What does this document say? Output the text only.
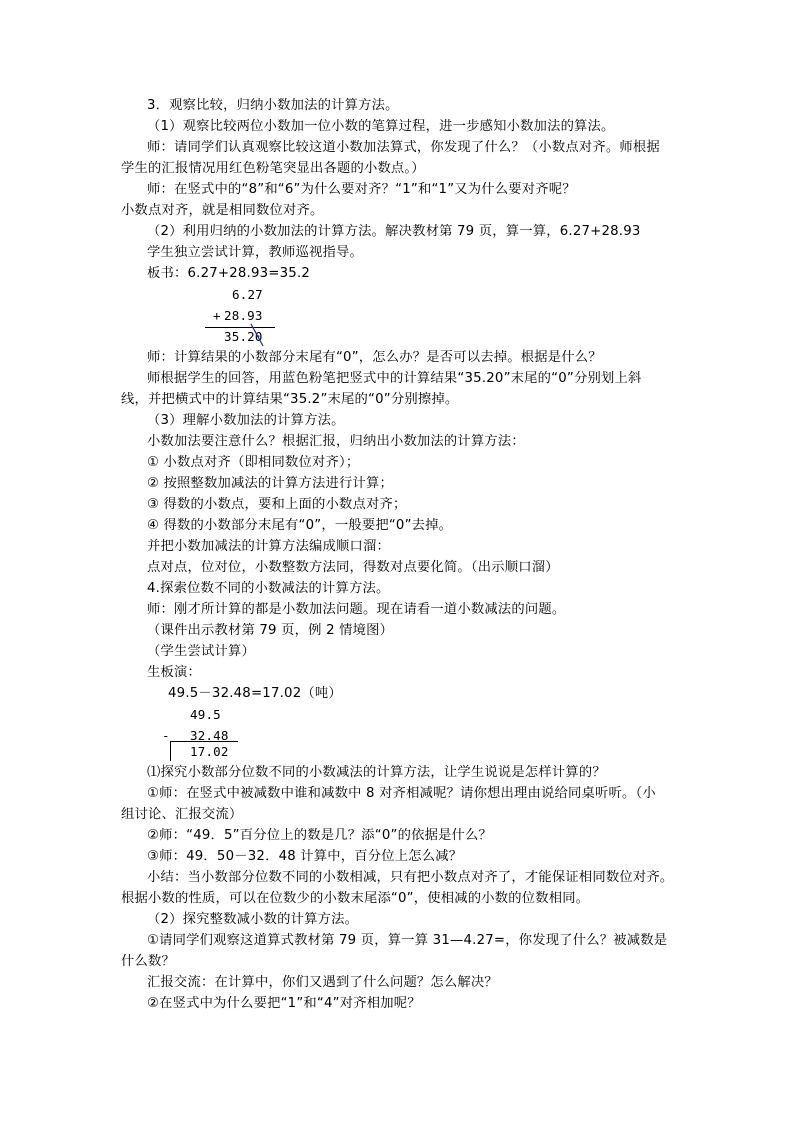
3．观察比较，归纳小数加法的计算方法。
（1）观察比较两位小数加一位小数的笔算过程，进一步感知小数加法的算法。
师：请同学们认真观察比较这道小数加法算式，你发现了什么？（小数点对齐。师根据
学生的汇报情况用红色粉笔突显出各题的小数点。）
师：在竖式中的“8”和“6”为什么要对齐？“1”和“1”又为什么要对齐呢？
小数点对齐，就是相同数位对齐。
（2）利用归纳的小数加法的计算方法。解决教材第 79 页，算一算，6.27+28.93
学生独立尝试计算，教师巡视指导。
板书：6.27+28.93=35.2
6.27
+ 28.93
35.20
师：计算结果的小数部分末尾有“0”，怎么办？是否可以去掉。根据是什么？
师根据学生的回答，用蓝色粉笔把竖式中的计算结果“35.20”末尾的“0”分别划上斜
线，并把横式中的计算结果“35.2”末尾的“0”分别擦掉。
（3）理解小数加法的计算方法。
小数加法要注意什么？根据汇报，归纳出小数加法的计算方法：
① 小数点对齐（即相同数位对齐）；
② 按照整数加减法的计算方法进行计算；
③ 得数的小数点，要和上面的小数点对齐；
④ 得数的小数部分末尾有“0”，一般要把“0”去掉。
并把小数加减法的计算方法编成顺口溜：
点对点，位对位，小数整数方法同，得数对点要化简。（出示顺口溜）
4.探索位数不同的小数减法的计算方法。
师：刚才所计算的都是小数加法问题。现在请看一道小数减法的问题。
（课件出示教材第 79 页，例 2 情境图）
（学生尝试计算）
生板演：
49.5－32.48=17.02（吨）
49.5
- 32.48
17.02
⑴探究小数部分位数不同的小数减法的计算方法，让学生说说是怎样计算的？
①师：在竖式中被减数中谁和减数中 8 对齐相减呢？请你想出理由说给同桌听听。（小
组讨论、汇报交流）
②师：“49．5”百分位上的数是几？添“0”的依据是什么？
③师：49．50－32．48 计算中，百分位上怎么减？
小结：当小数部分位数不同的小数相减，只有把小数点对齐了，才能保证相同数位对齐。
根据小数的性质，可以在位数少的小数末尾添“0”，使相减的小数的位数相同。
（2）探究整数减小数的计算方法。
①请同学们观察这道算式教材第 79 页，算一算 31—4.27=，你发现了什么？被减数是
什么数？
汇报交流：在计算中，你们又遇到了什么问题？怎么解决？
②在竖式中为什么要把“1”和“4”对齐相加呢？
